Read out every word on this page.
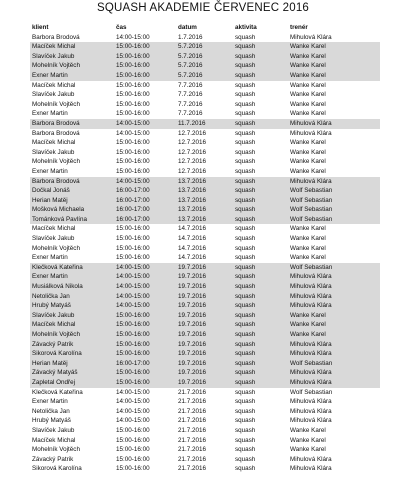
SQUASH AKADEMIE ČERVENEC 2016
klient	čas	datum	aktivita	trenér
Barbora Brodová	14:00-15:00	1.7.2016	squash	Mihulová Klára
Macíček Michal	15:00-16:00	5.7.2016	squash	Wanke Karel
Slavíček Jakub	15:00-16:00	5.7.2016	squash	Wanke Karel
Mohelník Vojtěch	15:00-16:00	5.7.2016	squash	Wanke Karel
Exner Martin	15:00-16:00	5.7.2016	squash	Wanke Karel
Macíček Michal	15:00-16:00	7.7.2016	squash	Wanke Karel
Slavíček Jakub	15:00-16:00	7.7.2016	squash	Wanke Karel
Mohelník Vojtěch	15:00-16:00	7.7.2016	squash	Wanke Karel
Exner Martin	15:00-16:00	7.7.2016	squash	Wanke Karel
Barbora Brodová	14:00-15:00	11.7.2016	squash	Mihulová Klára
Barbora Brodová	14:00-15:00	12.7.2016	squash	Mihulová Klára
Macíček Michal	15:00-16:00	12.7.2016	squash	Wanke Karel
Slavíček Jakub	15:00-16:00	12.7.2016	squash	Wanke Karel
Mohelník Vojtěch	15:00-16:00	12.7.2016	squash	Wanke Karel
Exner Martin	15:00-16:00	12.7.2016	squash	Wanke Karel
Barbora Brodová	14:00-15:00	13.7.2016	squash	Mihulová Klára
Dočkal Jonáš	16:00-17:00	13.7.2016	squash	Wolf Sebastian
Herian Matěj	16:00-17:00	13.7.2016	squash	Wolf Sebastian
Mošková Michaela	16:00-17:00	13.7.2016	squash	Wolf Sebastian
Tománková Pavlína	16:00-17:00	13.7.2016	squash	Wolf Sebastian
Macíček Michal	15:00-16:00	14.7.2016	squash	Wanke Karel
Slavíček Jakub	15:00-16:00	14.7.2016	squash	Wanke Karel
Mohelník Vojtěch	15:00-16:00	14.7.2016	squash	Wanke Karel
Exner Martin	15:00-16:00	14.7.2016	squash	Wanke Karel
Klečková Kateřina	14:00-15:00	19.7.2016	squash	Wolf Sebastian
Exner Martin	14:00-15:00	19.7.2016	squash	Mihulová Klára
Musiálková Nikola	14:00-15:00	19.7.2016	squash	Mihulová Klára
Netolička Jan	14:00-15:00	19.7.2016	squash	Mihulová Klára
Hrubý Matyáš	14:00-15:00	19.7.2016	squash	Mihulová Klára
Slavíček Jakub	15:00-16:00	19.7.2016	squash	Wanke Karel
Macíček Michal	15:00-16:00	19.7.2016	squash	Wanke Karel
Mohelník Vojtěch	15:00-16:00	19.7.2016	squash	Wanke Karel
Závacký Patrik	15:00-16:00	19.7.2016	squash	Mihulová Klára
Sikorová Karolína	15:00-16:00	19.7.2016	squash	Mihulová Klára
Herian Matěj	16:00-17:00	19.7.2016	squash	Wolf Sebastian
Závacký Matyáš	15:00-16:00	19.7.2016	squash	Mihulová Klára
Zapletal Ondřej	15:00-16:00	19.7.2016	squash	Mihulová Klára
Klečková Kateřina	14:00-15:00	21.7.2016	squash	Wolf Sebastian
Exner Martin	14:00-15:00	21.7.2016	squash	Mihulová Klára
Netolička Jan	14:00-15:00	21.7.2016	squash	Mihulová Klára
Hrubý Matyáš	14:00-15:00	21.7.2016	squash	Mihulová Klára
Slavíček Jakub	15:00-16:00	21.7.2016	squash	Wanke Karel
Macíček Michal	15:00-16:00	21.7.2016	squash	Wanke Karel
Mohelník Vojtěch	15:00-16:00	21.7.2016	squash	Wanke Karel
Závacký Patrik	15:00-16:00	21.7.2016	squash	Mihulová Klára
Sikorová Karolína	15:00-16:00	21.7.2016	squash	Mihulová Klára
